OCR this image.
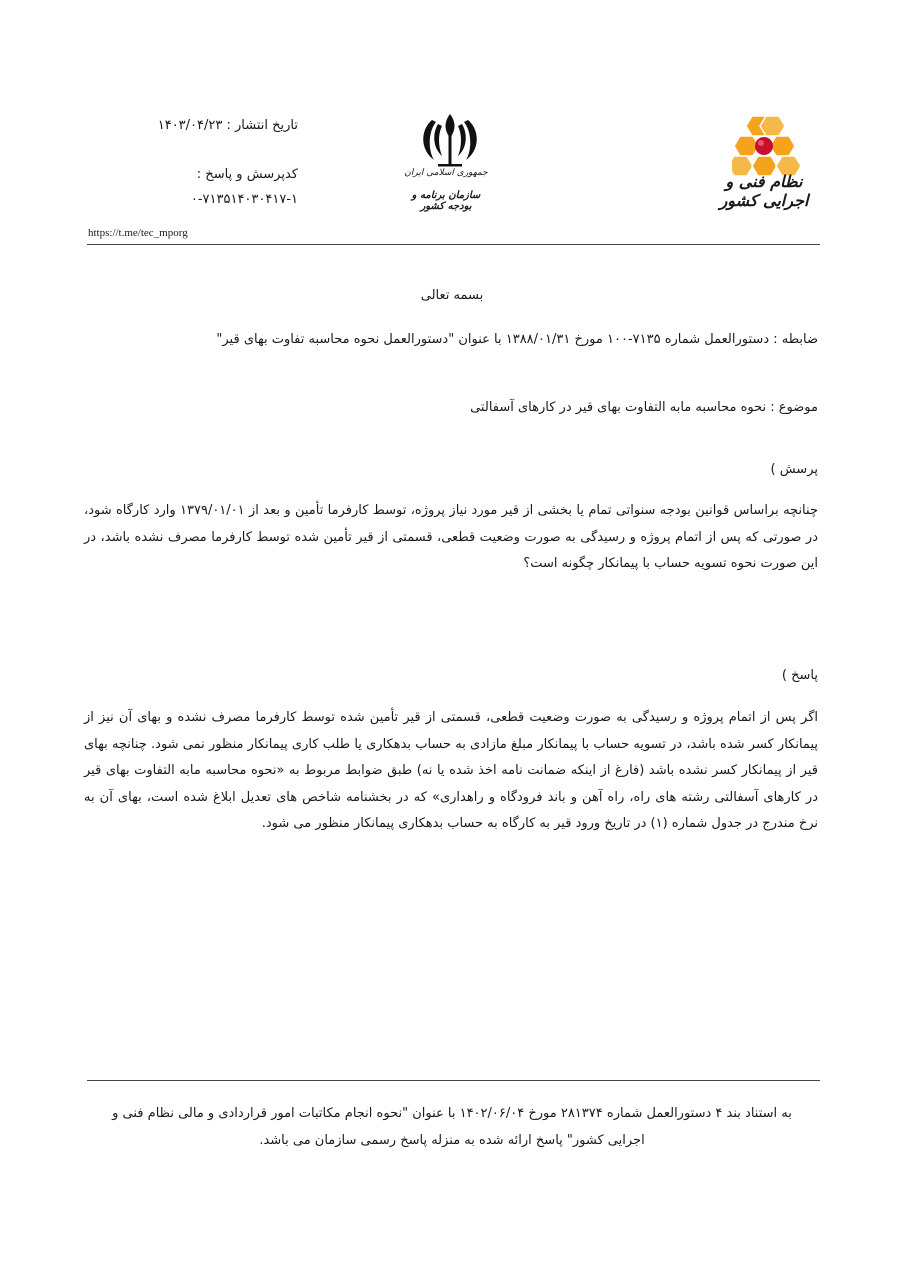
تاریخ انتشار : ۱۴۰۳/۰۴/۲۳
کدپرسش و پاسخ :
۰-۷۱۳۵۱۴۰۳۰۴۱۷-۱
جمهوری اسلامی ایران
سازمان برنامه و بودجه کشور
نظام فنی و اجرایی کشور
https://t.me/tec_mporg
بسمه تعالی
ضابطه : دستورالعمل شماره ۷۱۳۵-۱۰۰ مورخ ۱۳۸۸/۰۱/۳۱ با عنوان "دستورالعمل نحوه محاسبه تفاوت بهای قیر"
موضوع : نحوه محاسبه مابه التفاوت بهای قیر در کارهای آسفالتی
پرسش )
چنانچه براساس قوانین بودجه سنواتی تمام یا بخشی از قیر مورد نیاز پروژه، توسط کارفرما تأمین و بعد از ۱۳۷۹/۰۱/۰۱ وارد کارگاه شود، در صورتی که پس از اتمام پروژه و رسیدگی به صورت وضعیت قطعی، قسمتی از قیر تأمین شده توسط کارفرما مصرف نشده باشد، در این صورت نحوه تسویه حساب با پیمانکار چگونه است؟
پاسخ )
اگر پس از اتمام پروژه و رسیدگی به صورت وضعیت قطعی، قسمتی از قیر تأمین شده توسط کارفرما مصرف نشده و بهای آن نیز از پیمانکار کسر شده باشد، در تسویه حساب با پیمانکار مبلغ مازادی به حساب بدهکاری یا طلب کاری پیمانکار منظور نمی شود. چنانچه بهای قیر از پیمانکار کسر نشده باشد (فارغ از اینکه ضمانت نامه اخذ شده یا نه) طبق ضوابط مربوط به «نحوه محاسبه مابه التفاوت بهای قیر در کارهای آسفالتی رشته های راه، راه آهن و باند فرودگاه و راهداری» که در بخشنامه شاخص های تعدیل ابلاغ شده است، بهای آن به نرخ مندرج در جدول شماره (۱) در تاریخ ورود قیر به کارگاه به حساب بدهکاری پیمانکار منظور می شود.
به استناد بند ۴ دستورالعمل شماره ۲۸۱۳۷۴ مورخ ۱۴۰۲/۰۶/۰۴ با عنوان "نحوه انجام مکاتبات امور قراردادی و مالی نظام فنی و اجرایی کشور" پاسخ ارائه شده به منزله پاسخ رسمی سازمان می باشد.
